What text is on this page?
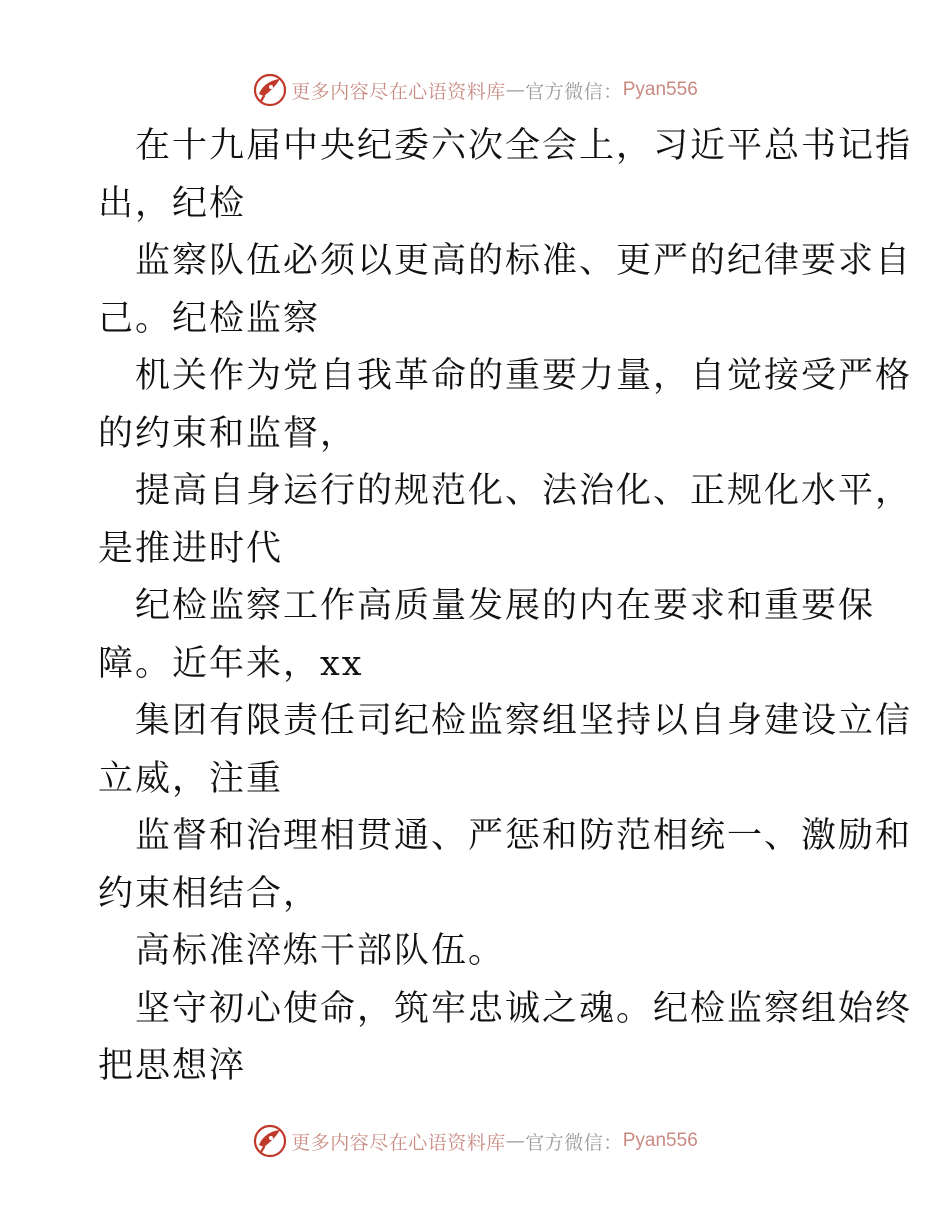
更多内容尽在心语资料库 — 官方微信： Pyan556
在十九届中央纪委六次全会上，习近平总书记指
出，纪检
监察队伍必须以更高的标准、更严的纪律要求自
己。纪检监察
机关作为党自我革命的重要力量，自觉接受严格
的约束和监督，
提高自身运行的规范化、法治化、正规化水平，
是推进时代
纪检监察工作高质量发展的内在要求和重要保
障。近年来，xx
集团有限责任司纪检监察组坚持以自身建设立信
立威，注重
监督和治理相贯通、严惩和防范相统一、激励和
约束相结合，
高标准淬炼干部队伍。
坚守初心使命，筑牢忠诚之魂。纪检监察组始终
把思想淬
更多内容尽在心语资料库 — 官方微信： Pyan556
